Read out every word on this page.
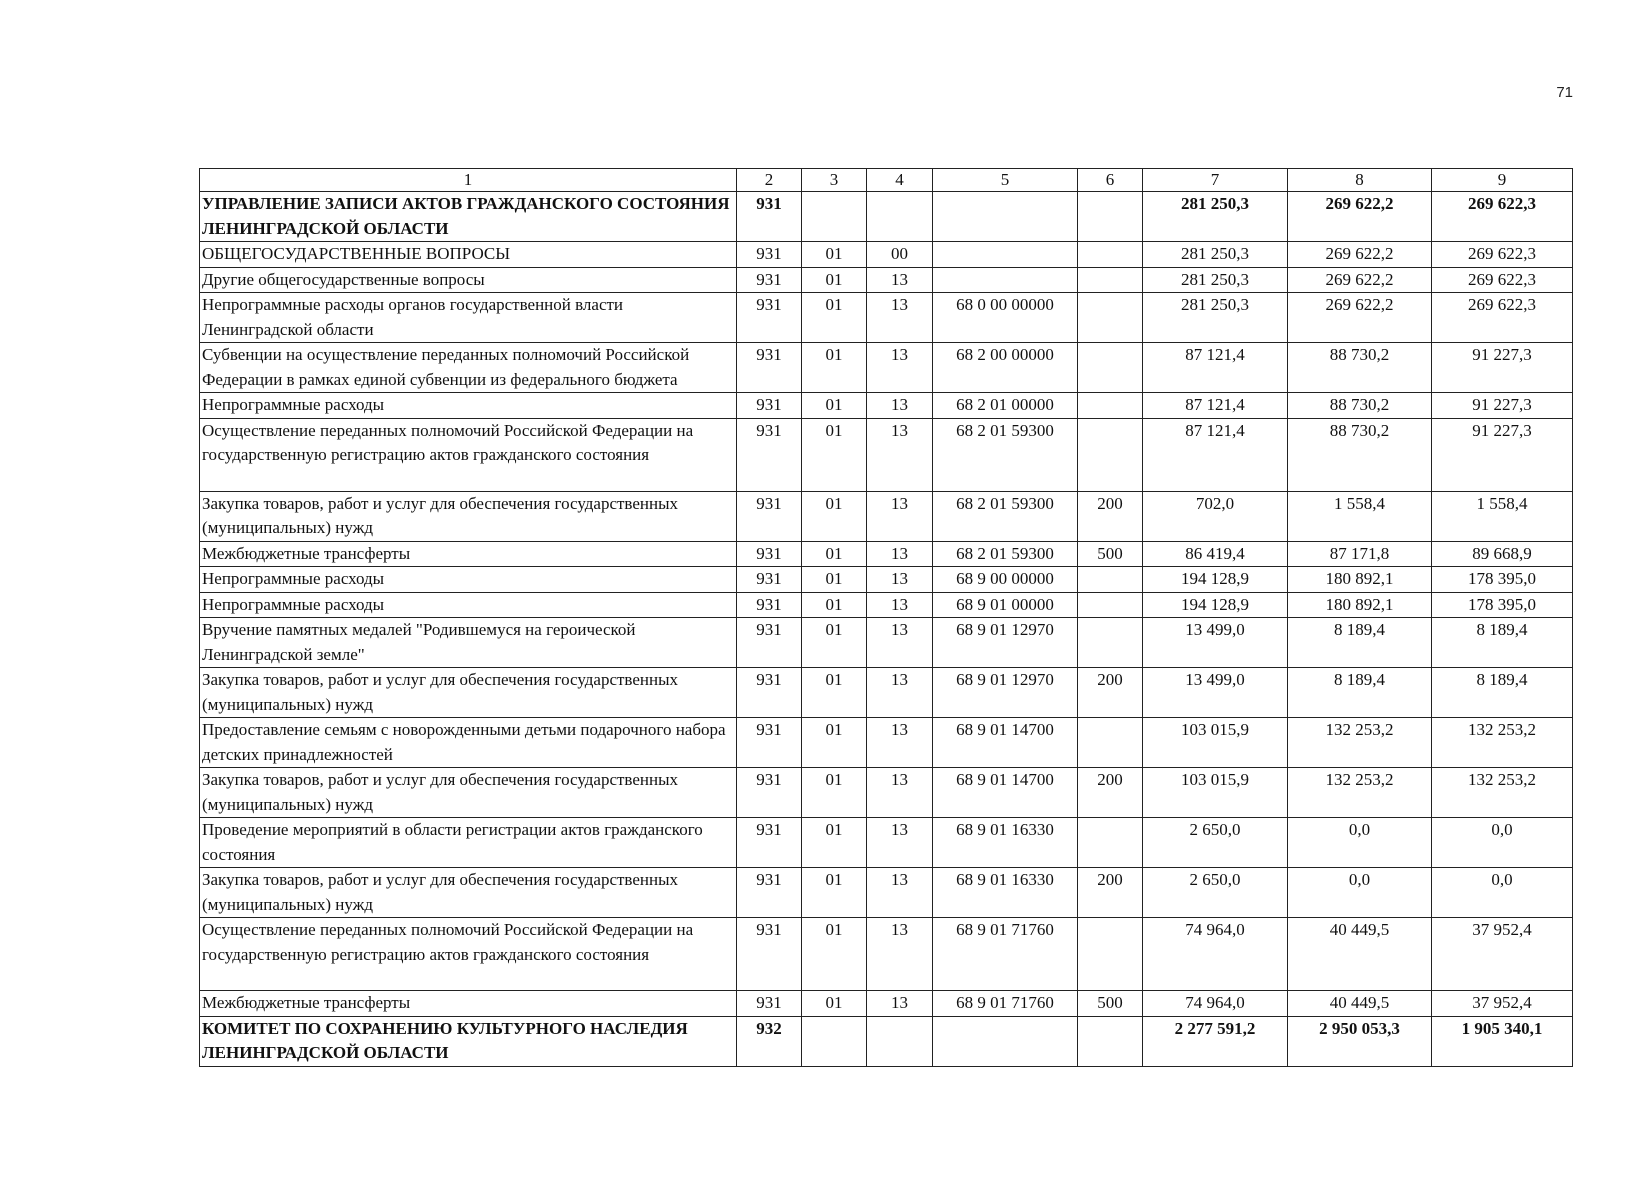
71
1	2	3	4	5	6	7	8	9
УПРАВЛЕНИЕ ЗАПИСИ АКТОВ ГРАЖДАНСКОГО СОСТОЯНИЯ ЛЕНИНГРАДСКОЙ ОБЛАСТИ	931					281 250,3	269 622,2	269 622,3
ОБЩЕГОСУДАРСТВЕННЫЕ ВОПРОСЫ	931	01	00			281 250,3	269 622,2	269 622,3
Другие общегосударственные вопросы	931	01	13			281 250,3	269 622,2	269 622,3
Непрограммные расходы органов государственной власти Ленинградской области	931	01	13	68 0 00 00000		281 250,3	269 622,2	269 622,3
Субвенции на осуществление переданных полномочий Российской Федерации в рамках единой субвенции из федерального бюджета	931	01	13	68 2 00 00000		87 121,4	88 730,2	91 227,3
Непрограммные расходы	931	01	13	68 2 01 00000		87 121,4	88 730,2	91 227,3
Осуществление переданных полномочий Российской Федерации на государственную регистрацию актов гражданского состояния	931	01	13	68 2 01 59300		87 121,4	88 730,2	91 227,3
Закупка товаров, работ и услуг для обеспечения государственных (муниципальных) нужд	931	01	13	68 2 01 59300	200	702,0	1 558,4	1 558,4
Межбюджетные трансферты	931	01	13	68 2 01 59300	500	86 419,4	87 171,8	89 668,9
Непрограммные расходы	931	01	13	68 9 00 00000		194 128,9	180 892,1	178 395,0
Непрограммные расходы	931	01	13	68 9 01 00000		194 128,9	180 892,1	178 395,0
Вручение памятных медалей "Родившемуся на героической Ленинградской земле"	931	01	13	68 9 01 12970		13 499,0	8 189,4	8 189,4
Закупка товаров, работ и услуг для обеспечения государственных (муниципальных) нужд	931	01	13	68 9 01 12970	200	13 499,0	8 189,4	8 189,4
Предоставление семьям с новорожденными детьми подарочного набора детских принадлежностей	931	01	13	68 9 01 14700		103 015,9	132 253,2	132 253,2
Закупка товаров, работ и услуг для обеспечения государственных (муниципальных) нужд	931	01	13	68 9 01 14700	200	103 015,9	132 253,2	132 253,2
Проведение мероприятий в области регистрации актов гражданского состояния	931	01	13	68 9 01 16330		2 650,0	0,0	0,0
Закупка товаров, работ и услуг для обеспечения государственных (муниципальных) нужд	931	01	13	68 9 01 16330	200	2 650,0	0,0	0,0
Осуществление переданных полномочий Российской Федерации на государственную регистрацию актов гражданского состояния	931	01	13	68 9 01 71760		74 964,0	40 449,5	37 952,4
Межбюджетные трансферты	931	01	13	68 9 01 71760	500	74 964,0	40 449,5	37 952,4
КОМИТЕТ ПО СОХРАНЕНИЮ КУЛЬТУРНОГО НАСЛЕДИЯ ЛЕНИНГРАДСКОЙ ОБЛАСТИ	932					2 277 591,2	2 950 053,3	1 905 340,1
